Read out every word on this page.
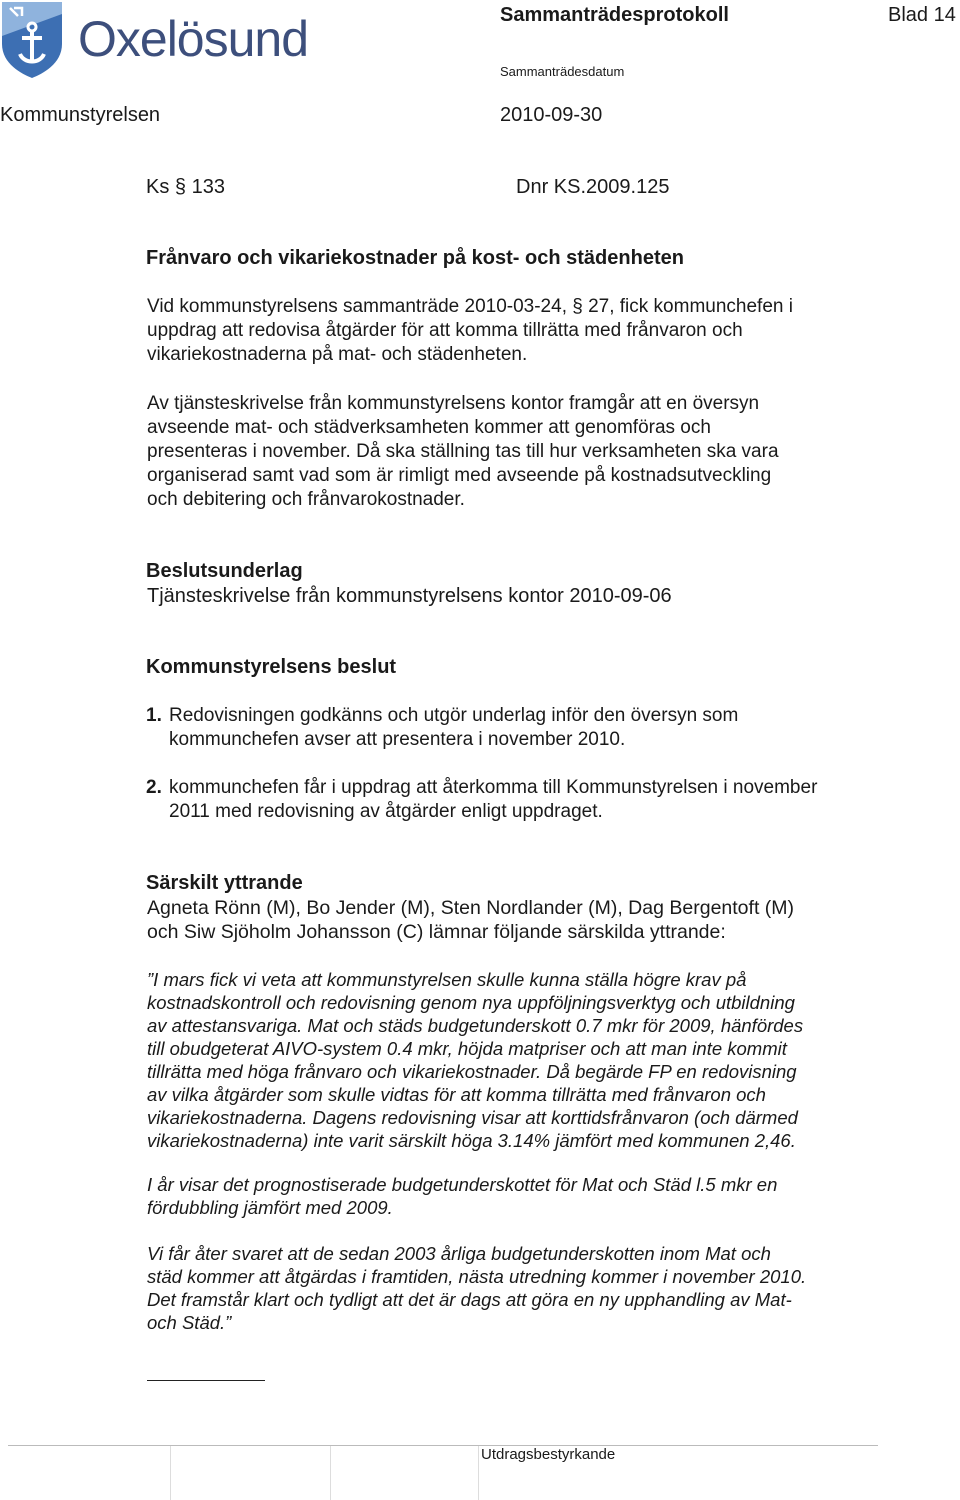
Oxelösund	Sammanträdesprotokoll	Blad 14
Sammanträdesdatum
Kommunstyrelsen	2010-09-30
Ks § 133	Dnr KS.2009.125
Frånvaro och vikariekostnader på kost- och städenheten
Vid kommunstyrelsens sammanträde 2010-03-24, § 27, fick kommunchefen i
uppdrag att redovisa åtgärder för att komma tillrätta med frånvaron och
vikariekostnaderna på mat- och städenheten.
Av tjänsteskrivelse från kommunstyrelsens kontor framgår att en översyn
avseende mat- och städverksamheten kommer att genomföras och
presenteras i november. Då ska ställning tas till hur verksamheten ska vara
organiserad samt vad som är rimligt med avseende på kostnadsutveckling
och debitering och frånvarokostnader.
Beslutsunderlag
Tjänsteskrivelse från kommunstyrelsens kontor 2010-09-06
Kommunstyrelsens beslut
1. Redovisningen godkänns och utgör underlag inför den översyn som
kommunchefen avser att presentera i november 2010.
2. kommunchefen får i uppdrag att återkomma till Kommunstyrelsen i november
2011 med redovisning av åtgärder enligt uppdraget.
Särskilt yttrande
Agneta Rönn (M), Bo Jender (M), Sten Nordlander (M), Dag Bergentoft (M)
och Siw Sjöholm Johansson (C) lämnar följande särskilda yttrande:
”I mars fick vi veta att kommunstyrelsen skulle kunna ställa högre krav på
kostnadskontroll och redovisning genom nya uppföljningsverktyg och utbildning
av attestansvariga. Mat och städs budgetunderskott 0.7 mkr för 2009, hänfördes
till obudgeterat AIVO-system 0.4 mkr, höjda matpriser och att man inte kommit
tillrätta med höga frånvaro och vikariekostnader. Då begärde FP en redovisning
av vilka åtgärder som skulle vidtas för att komma tillrätta med frånvaron och
vikariekostnaderna. Dagens redovisning visar att korttidsfrånvaron (och därmed
vikariekostnaderna) inte varit särskilt höga 3.14% jämfört med kommunen 2,46.
I år visar det prognostiserade budgetunderskottet för Mat och Städ l.5 mkr en
fördubbling jämfört med 2009.
Vi får åter svaret att de sedan 2003 årliga budgetunderskotten inom Mat och
städ kommer att åtgärdas i framtiden, nästa utredning kommer i november 2010.
Det framstår klart och tydligt att det är dags att göra en ny upphandling av Mat-
och Städ.”
Utdragsbestyrkande
